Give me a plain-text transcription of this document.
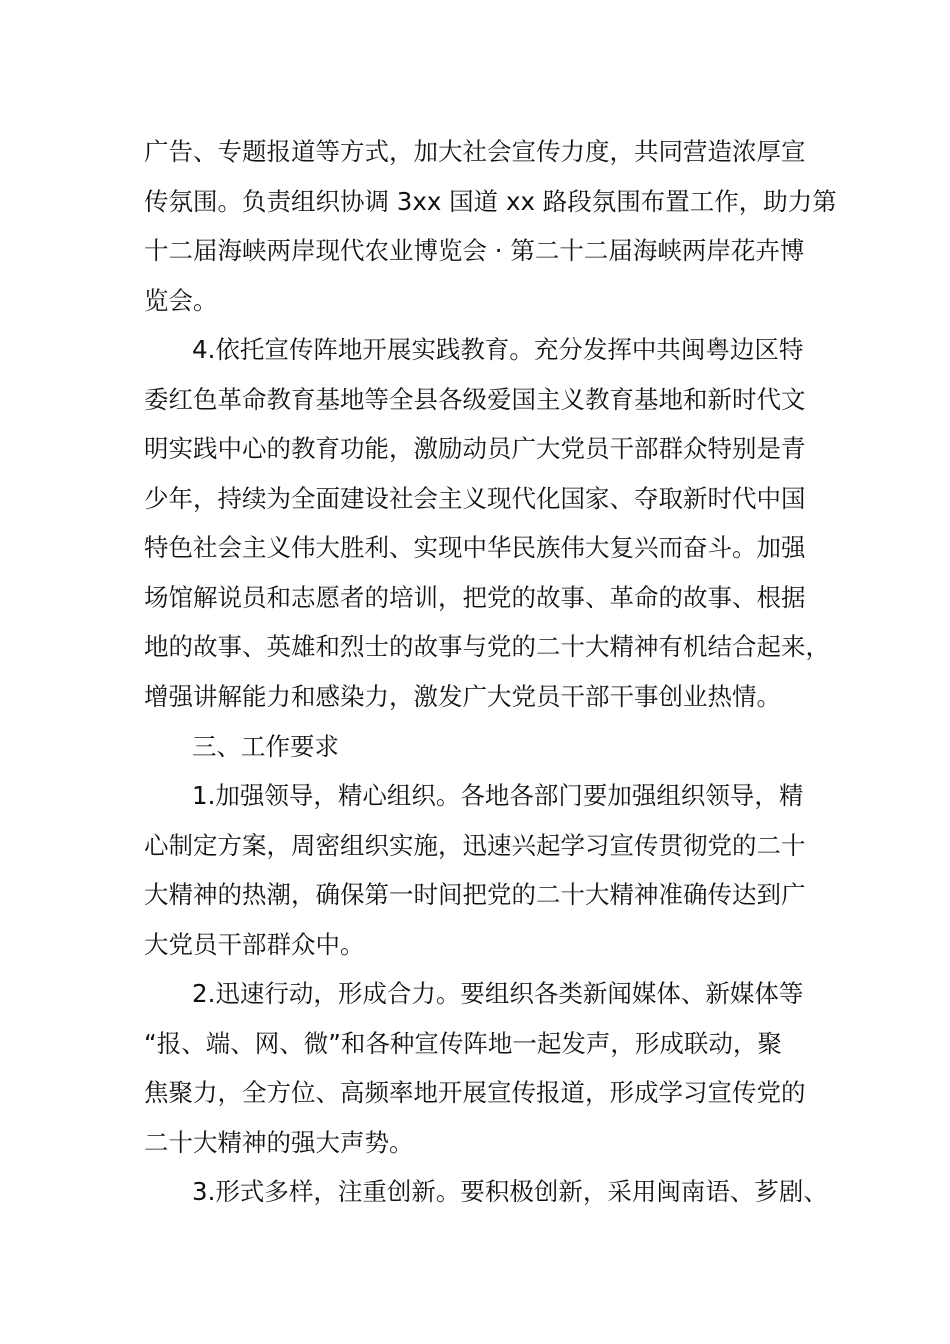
广告、专题报道等方式，加大社会宣传力度，共同营造浓厚宣
传氛围。负责组织协调 3xx 国道 xx 路段氛围布置工作，助力第
十二届海峡两岸现代农业博览会 · 第二十二届海峡两岸花卉博
览会。
4.依托宣传阵地开展实践教育。充分发挥中共闽粤边区特
委红色革命教育基地等全县各级爱国主义教育基地和新时代文
明实践中心的教育功能，激励动员广大党员干部群众特别是青
少年，持续为全面建设社会主义现代化国家、夺取新时代中国
特色社会主义伟大胜利、实现中华民族伟大复兴而奋斗。加强
场馆解说员和志愿者的培训，把党的故事、革命的故事、根据
地的故事、英雄和烈士的故事与党的二十大精神有机结合起来，
增强讲解能力和感染力，激发广大党员干部干事创业热情。
三、工作要求
1.加强领导，精心组织。各地各部门要加强组织领导，精
心制定方案，周密组织实施，迅速兴起学习宣传贯彻党的二十
大精神的热潮，确保第一时间把党的二十大精神准确传达到广
大党员干部群众中。
2.迅速行动，形成合力。要组织各类新闻媒体、新媒体等
“报、端、网、微”和各种宣传阵地一起发声，形成联动，聚
焦聚力，全方位、高频率地开展宣传报道，形成学习宣传党的
二十大精神的强大声势。
3.形式多样，注重创新。要积极创新，采用闽南语、芗剧、
